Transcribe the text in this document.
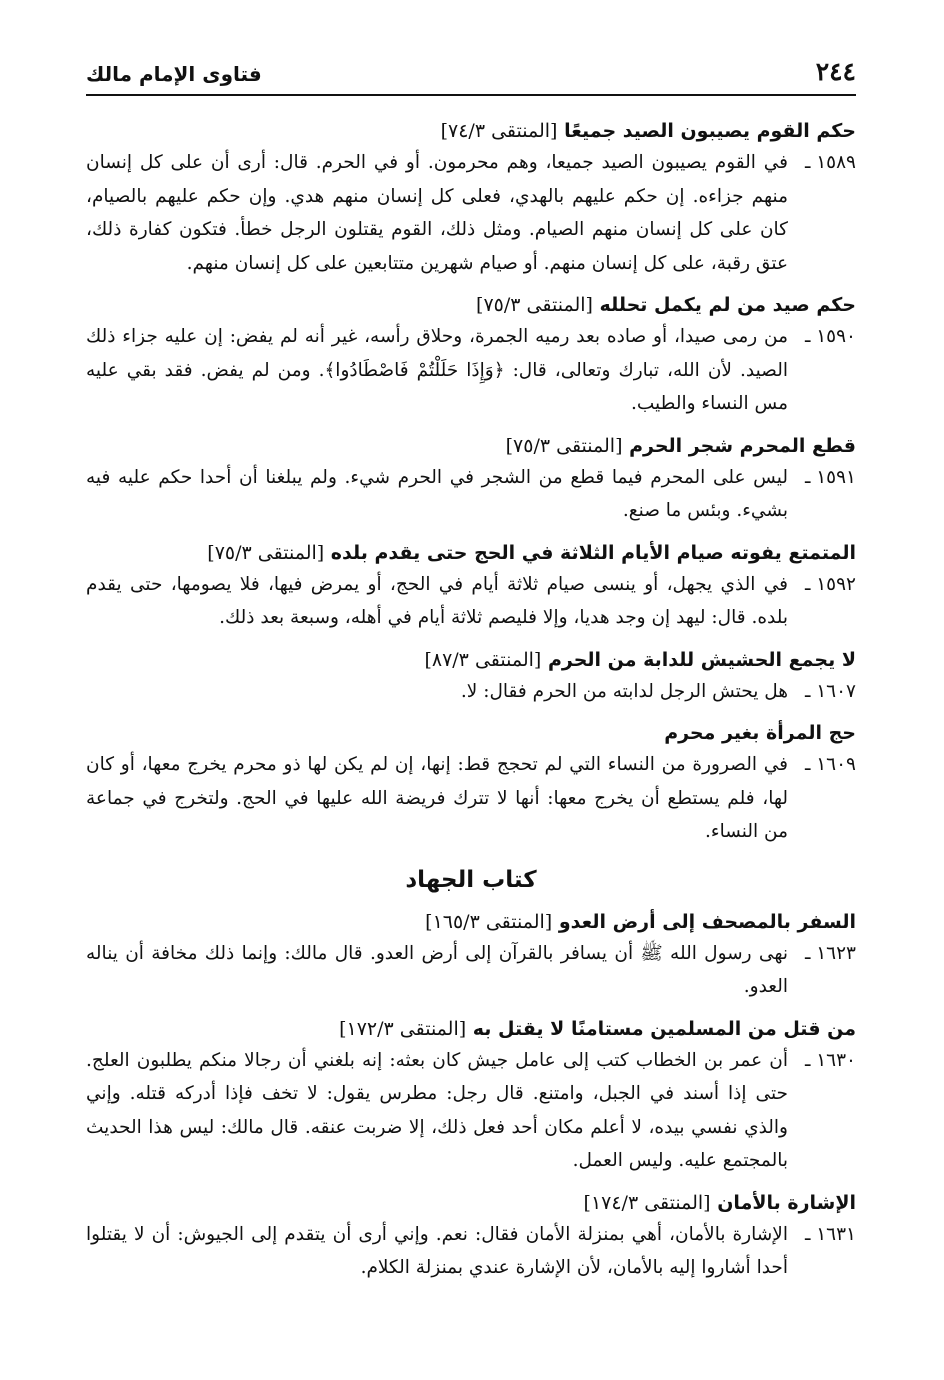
٢٤٤
فتاوى الإمام مالك

حكم القوم يصيبون الصيد جميعًا [المنتقى ٧٤/٣]

١٥٨٩ ـفي القوم يصيبون الصيد جميعا، وهم محرمون. أو في الحرم. قال: أرى أن على كل إنسان منهم جزاءه. إن حكم عليهم بالهدي، فعلى كل إنسان منهم هدي. وإن حكم عليهم بالصيام، كان على كل إنسان منهم الصيام. ومثل ذلك، القوم يقتلون الرجل خطأ. فتكون كفارة ذلك، عتق رقبة، على كل إنسان منهم. أو صيام شهرين متتابعين على كل إنسان منهم.

حكم صيد من لم يكمل تحلله [المنتقى ٧٥/٣]

١٥٩٠ ـمن رمى صيدا، أو صاده بعد رميه الجمرة، وحلاق رأسه، غير أنه لم يفض: إن عليه جزاء ذلك الصيد. لأن الله، تبارك وتعالى، قال: ﴿وَإِذَا حَلَلْتُمْ فَاصْطَادُوا﴾. ومن لم يفض. فقد بقي عليه مس النساء والطيب.

قطع المحرم شجر الحرم [المنتقى ٧٥/٣]

١٥٩١ ـليس على المحرم فيما قطع من الشجر في الحرم شيء. ولم يبلغنا أن أحدا حكم عليه فيه بشيء. وبئس ما صنع.

المتمتع يفوته صيام الأيام الثلاثة في الحج حتى يقدم بلده [المنتقى ٧٥/٣]

١٥٩٢ ـفي الذي يجهل، أو ينسى صيام ثلاثة أيام في الحج، أو يمرض فيها، فلا يصومها، حتى يقدم بلده. قال: ليهد إن وجد هديا، وإلا فليصم ثلاثة أيام في أهله، وسبعة بعد ذلك.

لا يجمع الحشيش للدابة من الحرم [المنتقى ٨٧/٣]

١٦٠٧ ـهل يحتش الرجل لدابته من الحرم فقال: لا.

حج المرأة بغير محرم

١٦٠٩ ـفي الصرورة من النساء التي لم تحجج قط: إنها، إن لم يكن لها ذو محرم يخرج معها، أو كان لها، فلم يستطع أن يخرج معها: أنها لا تترك فريضة الله عليها في الحج. ولتخرج في جماعة من النساء.

كتاب الجهاد

السفر بالمصحف إلى أرض العدو [المنتقى ١٦٥/٣]

١٦٢٣ ـنهى رسول الله ﷺ أن يسافر بالقرآن إلى أرض العدو. قال مالك: وإنما ذلك مخافة أن يناله العدو.

من قتل من المسلمين مستامنًا لا يقتل به [المنتقى ١٧٢/٣]

١٦٣٠ ـأن عمر بن الخطاب كتب إلى عامل جيش كان بعثه: إنه بلغني أن رجالا منكم يطلبون العلج. حتى إذا أسند في الجبل، وامتنع. قال رجل: مطرس يقول: لا تخف فإذا أدركه قتله. وإني والذي نفسي بيده، لا أعلم مكان أحد فعل ذلك، إلا ضربت عنقه. قال مالك: ليس هذا الحديث بالمجتمع عليه. وليس العمل.

الإشارة بالأمان [المنتقى ١٧٤/٣]

١٦٣١ ـالإشارة بالأمان، أهي بمنزلة الأمان فقال: نعم. وإني أرى أن يتقدم إلى الجيوش: أن لا يقتلوا أحدا أشاروا إليه بالأمان، لأن الإشارة عندي بمنزلة الكلام.
